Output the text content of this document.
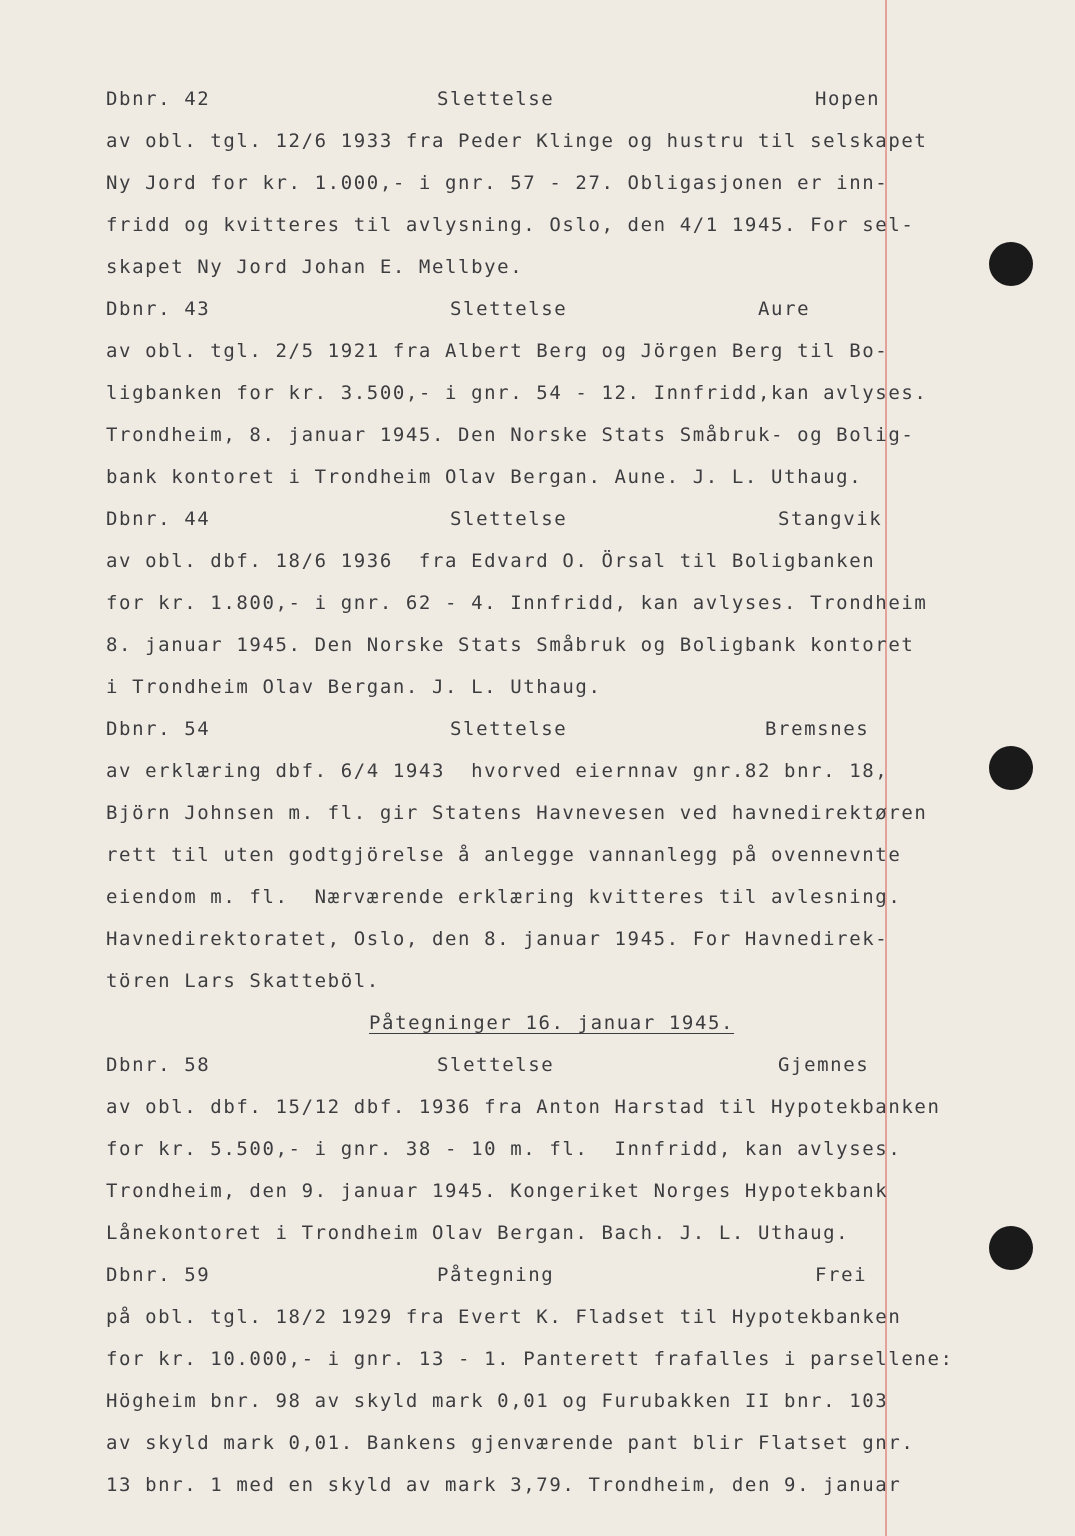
Dbnr. 42	Slettelse	Hopen
av obl. tgl. 12/6 1933 fra Peder Klinge og hustru til selskapet
Ny Jord for kr. 1.000,- i gnr. 57 - 27. Obligasjonen er inn-
fridd og kvitteres til avlysning. Oslo, den 4/1 1945. For sel-
skapet Ny Jord Johan E. Mellbye.
Dbnr. 43	Slettelse	Aure
av obl. tgl. 2/5 1921 fra Albert Berg og Jörgen Berg til Bo-
ligbanken for kr. 3.500,- i gnr. 54 - 12. Innfridd,kan avlyses.
Trondheim, 8. januar 1945. Den Norske Stats Småbruk- og Bolig-
bank kontoret i Trondheim Olav Bergan. Aune. J. L. Uthaug.
Dbnr. 44	Slettelse	Stangvik
av obl. dbf. 18/6 1936  fra Edvard O. Örsal til Boligbanken
for kr. 1.800,- i gnr. 62 - 4. Innfridd, kan avlyses. Trondheim
8. januar 1945. Den Norske Stats Småbruk og Boligbank kontoret
i Trondheim Olav Bergan. J. L. Uthaug.
Dbnr. 54	Slettelse	Bremsnes
av erklæring dbf. 6/4 1943  hvorved eiernnav gnr.82 bnr. 18,
Björn Johnsen m. fl. gir Statens Havnevesen ved havnedirektøren
rett til uten godtgjörelse å anlegge vannanlegg på ovennevnte
eiendom m. fl.  Nærværende erklæring kvitteres til avlesning.
Havnedirektoratet, Oslo, den 8. januar 1945. For Havnedirek-
tören Lars Skatteböl.
Påtegninger 16. januar 1945.
Dbnr. 58	Slettelse	Gjemnes
av obl. dbf. 15/12 dbf. 1936 fra Anton Harstad til Hypotekbanken
for kr. 5.500,- i gnr. 38 - 10 m. fl.  Innfridd, kan avlyses.
Trondheim, den 9. januar 1945. Kongeriket Norges Hypotekbank
Lånekontoret i Trondheim Olav Bergan. Bach. J. L. Uthaug.
Dbnr. 59	Påtegning	Frei
på obl. tgl. 18/2 1929 fra Evert K. Fladset til Hypotekbanken
for kr. 10.000,- i gnr. 13 - 1. Panterett frafalles i parsellene:
Högheim bnr. 98 av skyld mark 0,01 og Furubakken II bnr. 103
av skyld mark 0,01. Bankens gjenværende pant blir Flatset gnr.
13 bnr. 1 med en skyld av mark 3,79. Trondheim, den 9. januar
